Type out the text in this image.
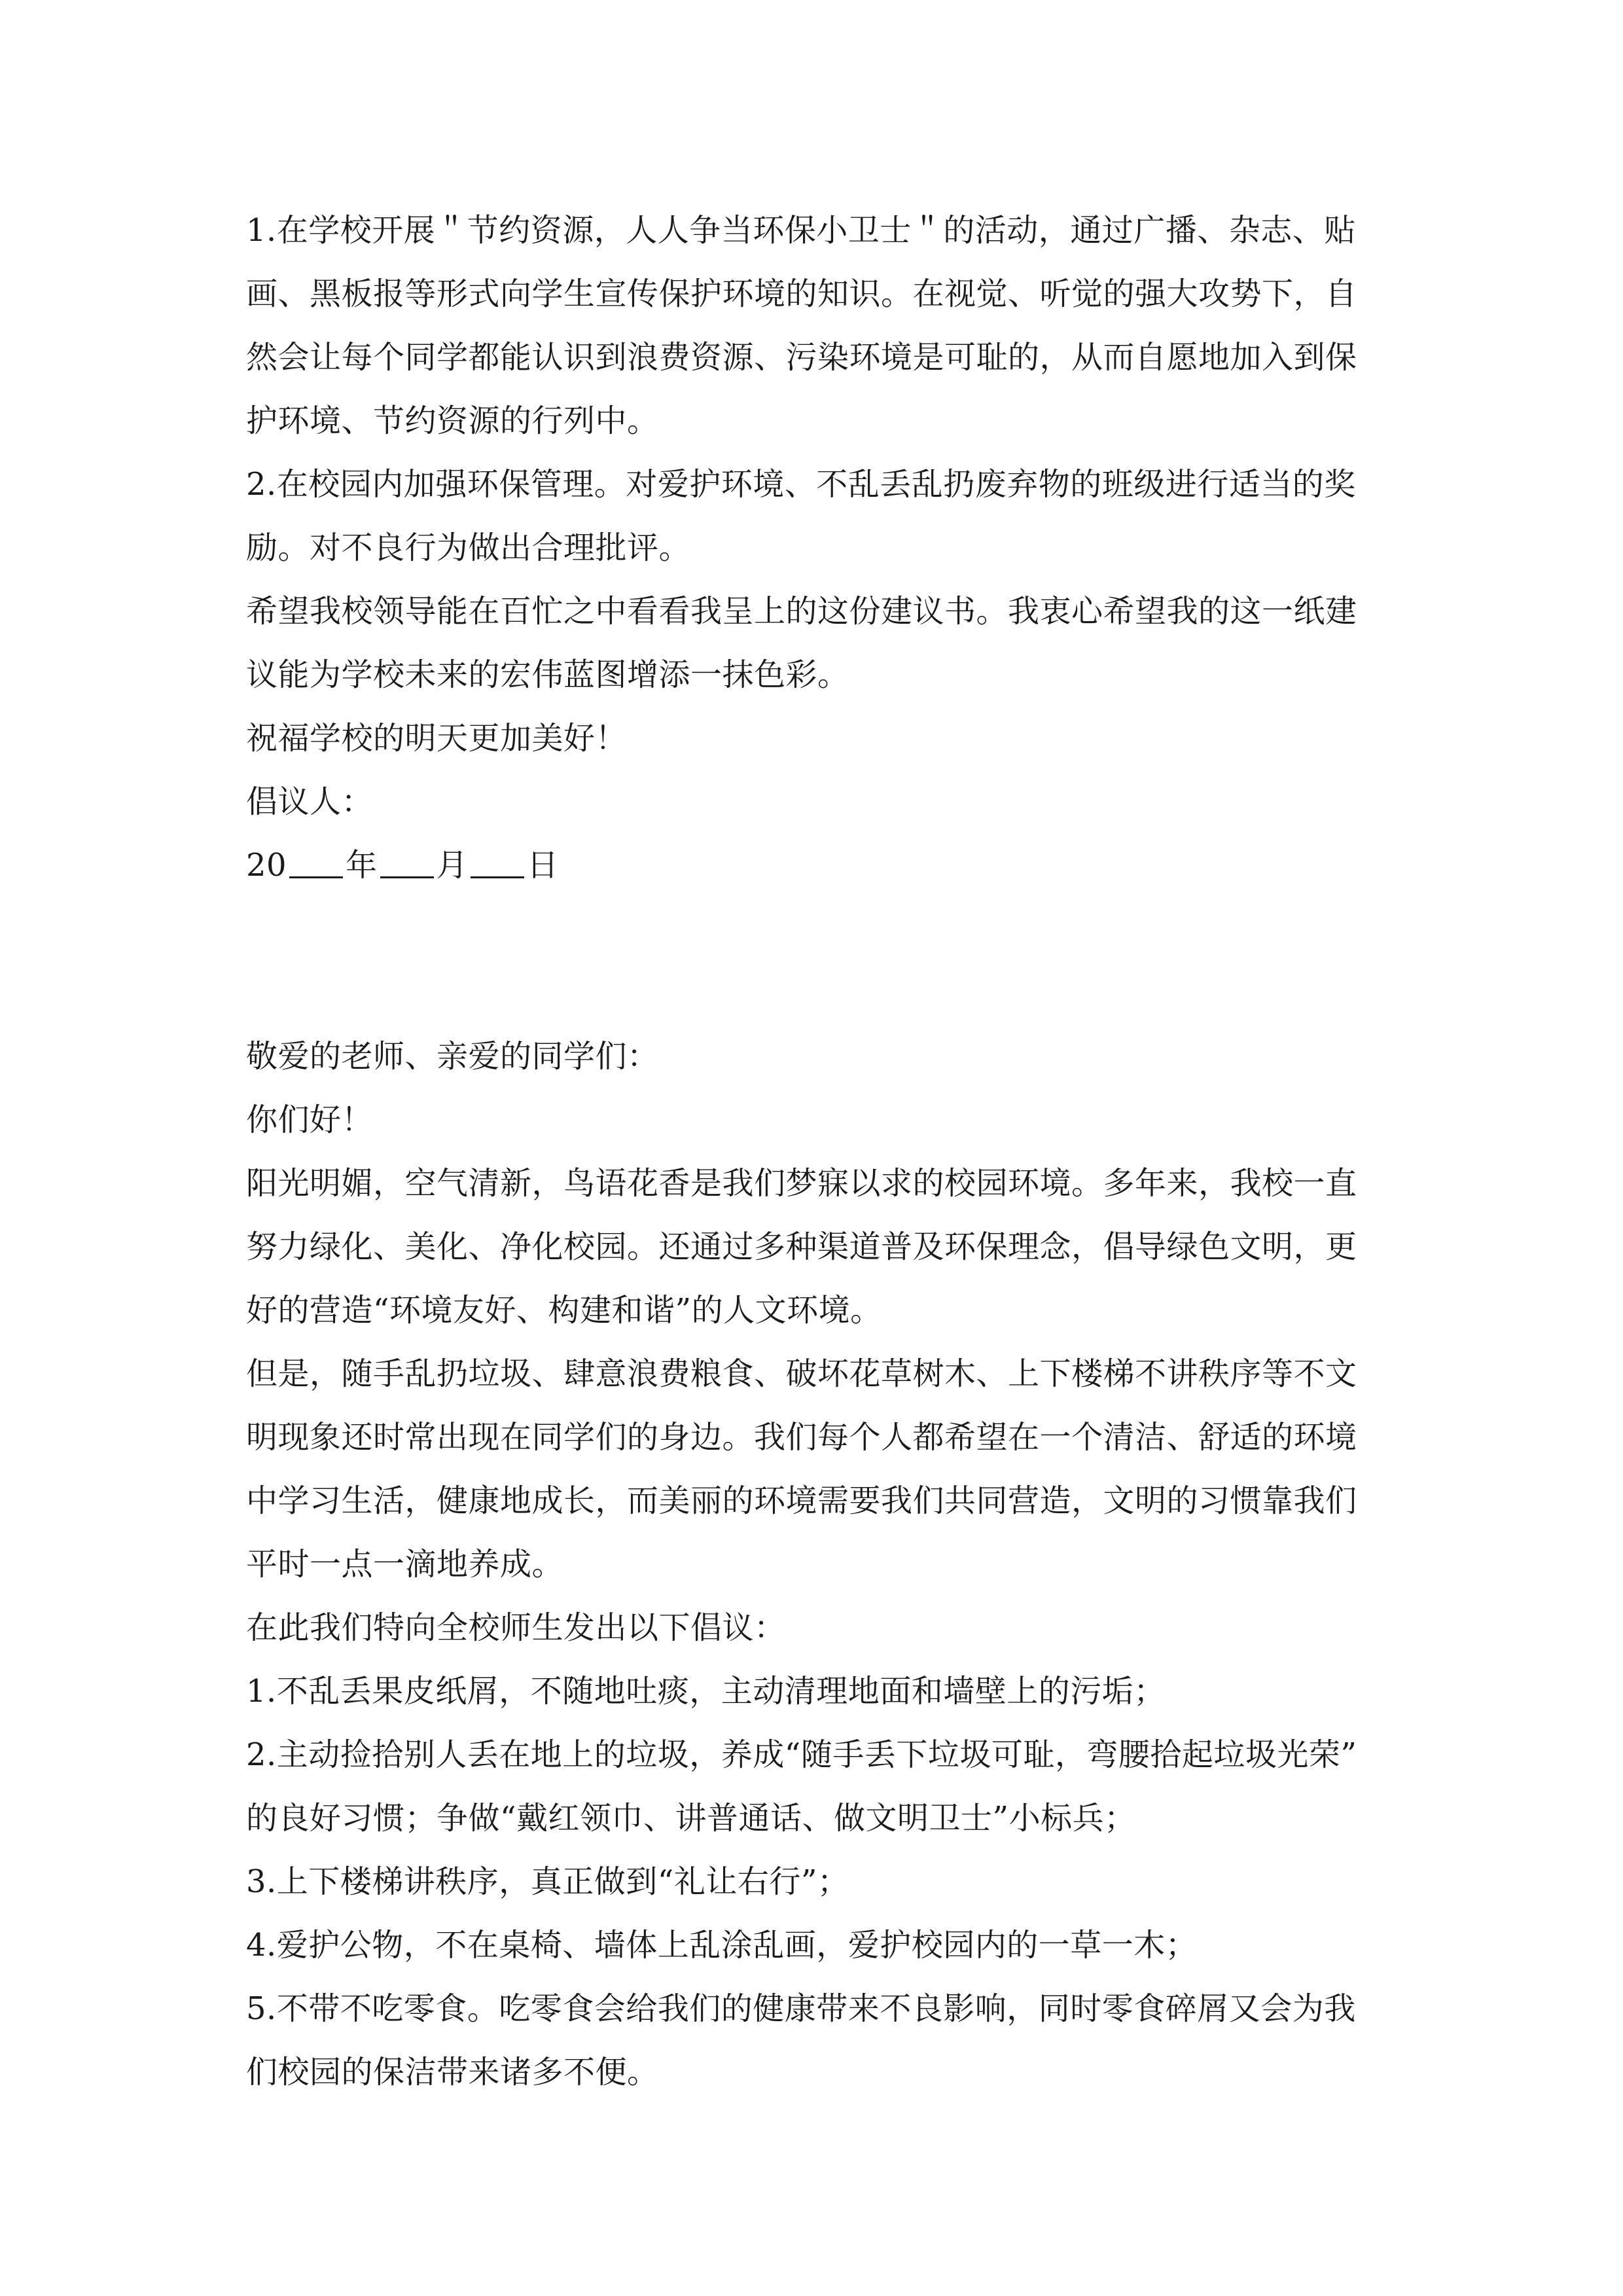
1.在学校开展＂节约资源，人人争当环保小卫士＂的活动，通过广播、杂志、贴
画、黑板报等形式向学生宣传保护环境的知识。在视觉、听觉的强大攻势下，自
然会让每个同学都能认识到浪费资源、污染环境是可耻的，从而自愿地加入到保
护环境、节约资源的行列中。
2.在校园内加强环保管理。对爱护环境、不乱丢乱扔废弃物的班级进行适当的奖
励。对不良行为做出合理批评。
希望我校领导能在百忙之中看看我呈上的这份建议书。我衷心希望我的这一纸建
议能为学校未来的宏伟蓝图增添一抹色彩。
祝福学校的明天更加美好！
倡议人：
20 年 月 日
敬爱的老师、亲爱的同学们：
你们好！
阳光明媚，空气清新，鸟语花香是我们梦寐以求的校园环境。多年来，我校一直
努力绿化、美化、净化校园。还通过多种渠道普及环保理念，倡导绿色文明，更
好的营造“环境友好、构建和谐”的人文环境。
但是，随手乱扔垃圾、肆意浪费粮食、破坏花草树木、上下楼梯不讲秩序等不文
明现象还时常出现在同学们的身边。我们每个人都希望在一个清洁、舒适的环境
中学习生活，健康地成长，而美丽的环境需要我们共同营造，文明的习惯靠我们
平时一点一滴地养成。
在此我们特向全校师生发出以下倡议：
1.不乱丢果皮纸屑，不随地吐痰，主动清理地面和墙壁上的污垢；
2.主动捡拾别人丢在地上的垃圾，养成“随手丢下垃圾可耻，弯腰拾起垃圾光荣”
的良好习惯；争做“戴红领巾、讲普通话、做文明卫士”小标兵；
3.上下楼梯讲秩序，真正做到“礼让右行”；
4.爱护公物，不在桌椅、墙体上乱涂乱画，爱护校园内的一草一木；
5.不带不吃零食。吃零食会给我们的健康带来不良影响，同时零食碎屑又会为我
们校园的保洁带来诸多不便。
